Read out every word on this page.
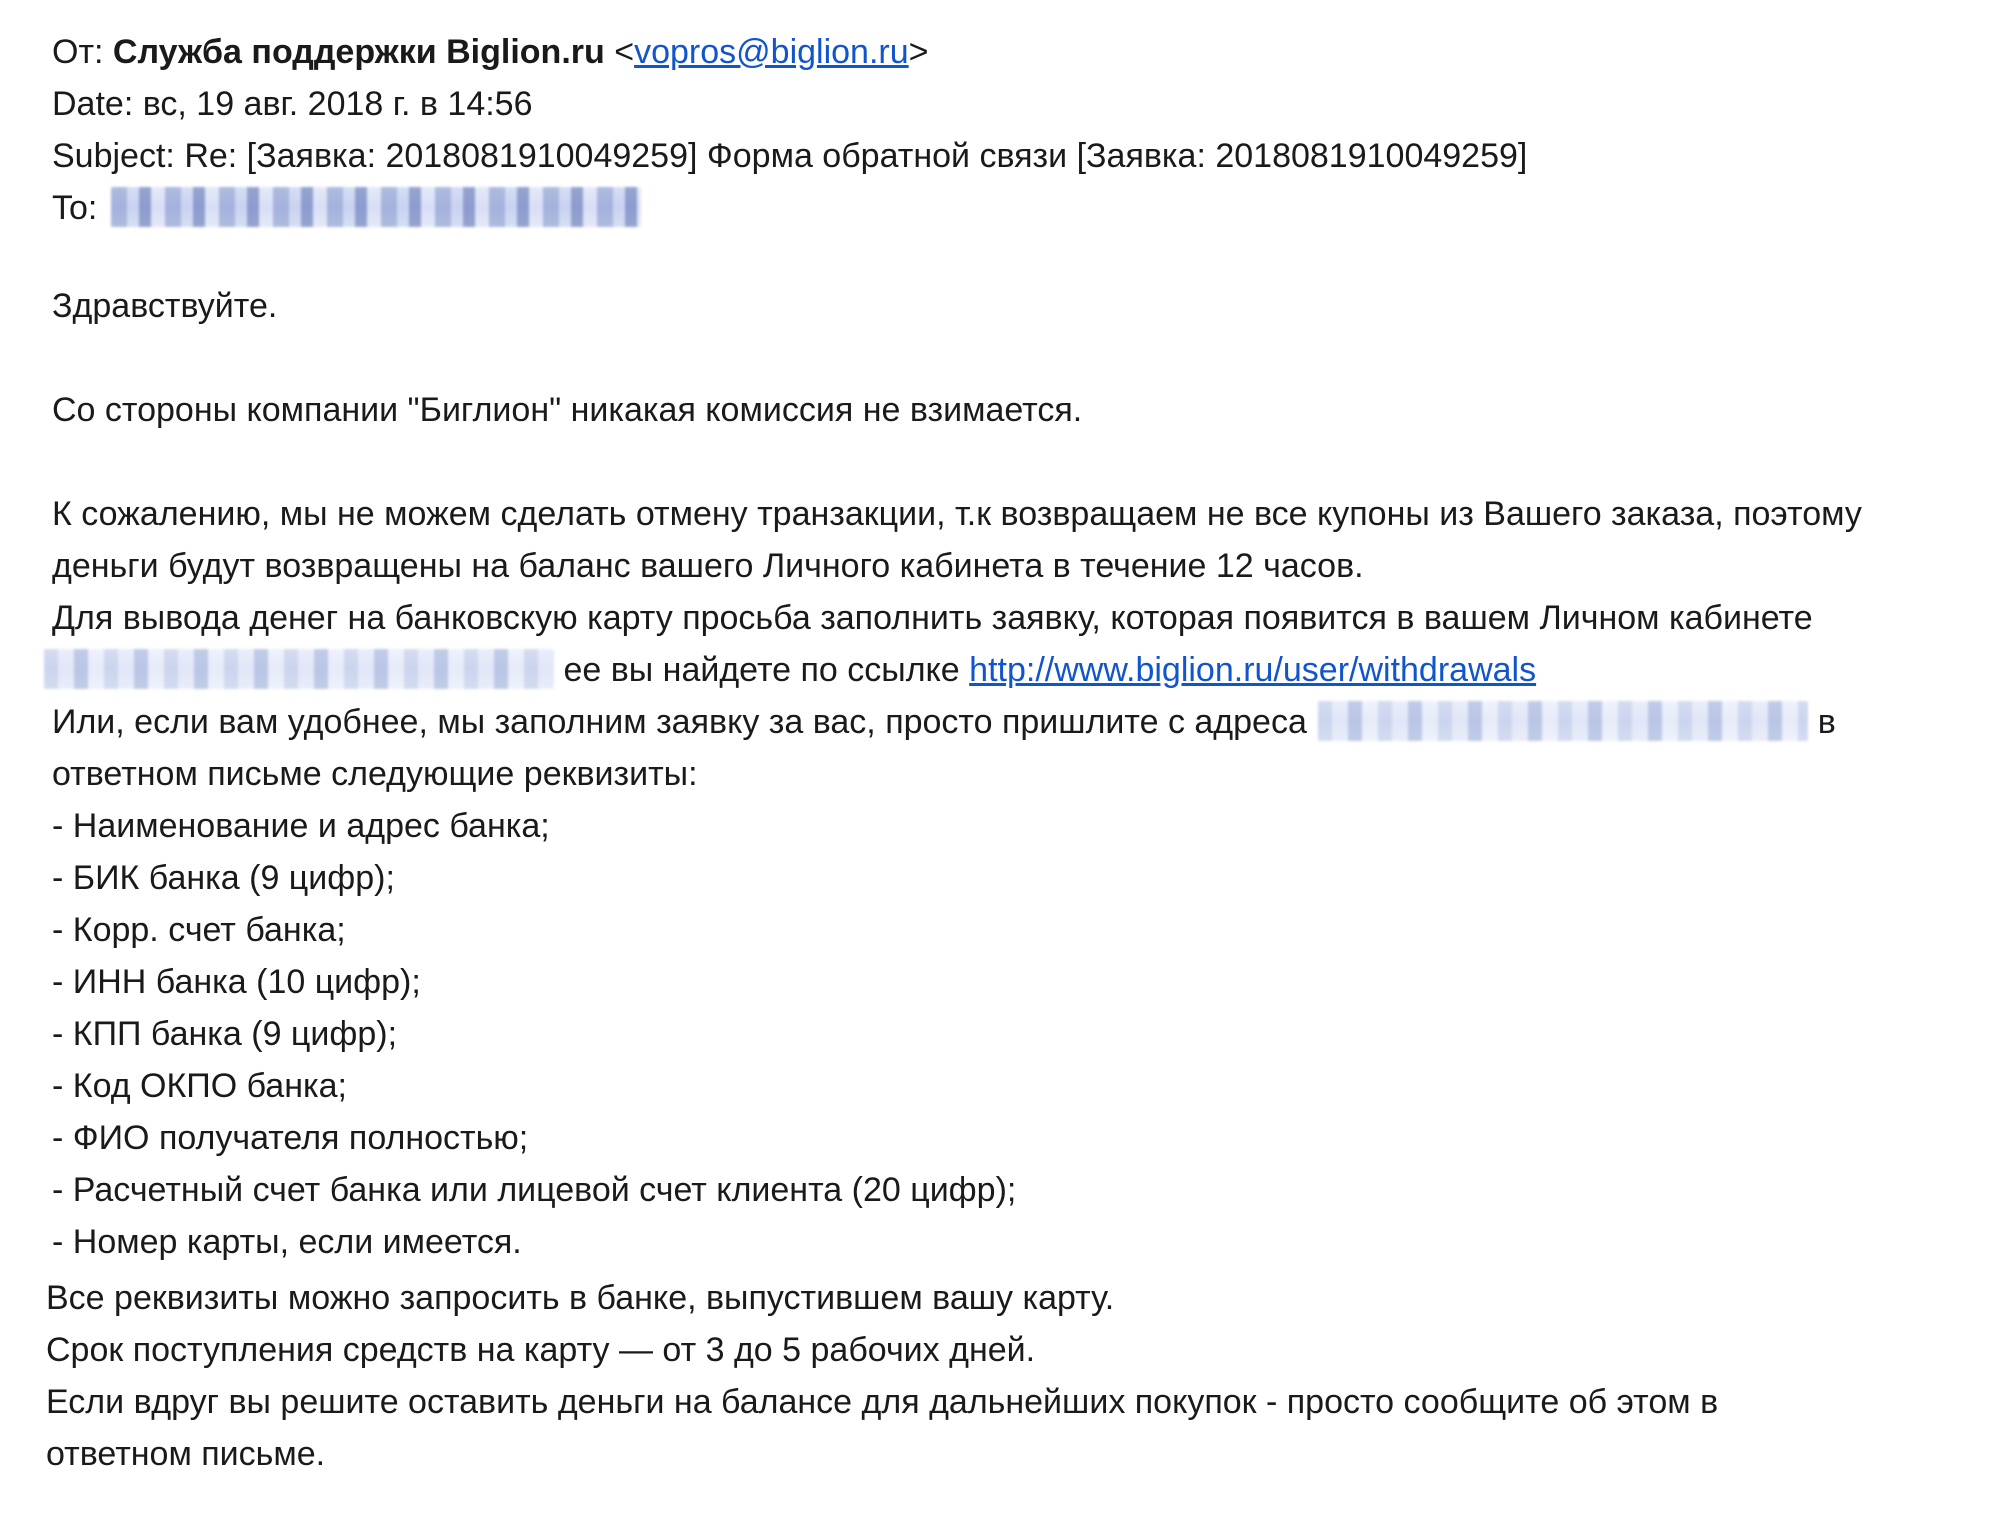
От: Служба поддержки Biglion.ru <vopros@biglion.ru>
Date: вс, 19 авг. 2018 г. в 14:56
Subject: Re: [Заявка: 2018081910049259] Форма обратной связи [Заявка: 2018081910049259]
To:
Здравствуйте.
Со стороны компании "Биглион" никакая комиссия не взимается.
К сожалению, мы не можем сделать отмену транзакции, т.к возвращаем не все купоны из Вашего заказа, поэтому
деньги будут возвращены на баланс вашего Личного кабинета в течение 12 часов.
Для вывода денег на банковскую карту просьба заполнить заявку, которая появится в вашем Личном кабинете
ее вы найдете по ссылке http://www.biglion.ru/user/withdrawals
Или, если вам удобнее, мы заполним заявку за вас, просто пришлите с адреса	в
ответном письме следующие реквизиты:
- Наименование и адрес банка;
- БИК банка (9 цифр);
- Корр. счет банка;
- ИНН банка (10 цифр);
- КПП банка (9 цифр);
- Код ОКПО банка;
- ФИО получателя полностью;
- Расчетный счет банка или лицевой счет клиента (20 цифр);
- Номер карты, если имеется.
Все реквизиты можно запросить в банке, выпустившем вашу карту.
Срок поступления средств на карту — от 3 до 5 рабочих дней.
Если вдруг вы решите оставить деньги на балансе для дальнейших покупок - просто сообщите об этом в
ответном письме.
